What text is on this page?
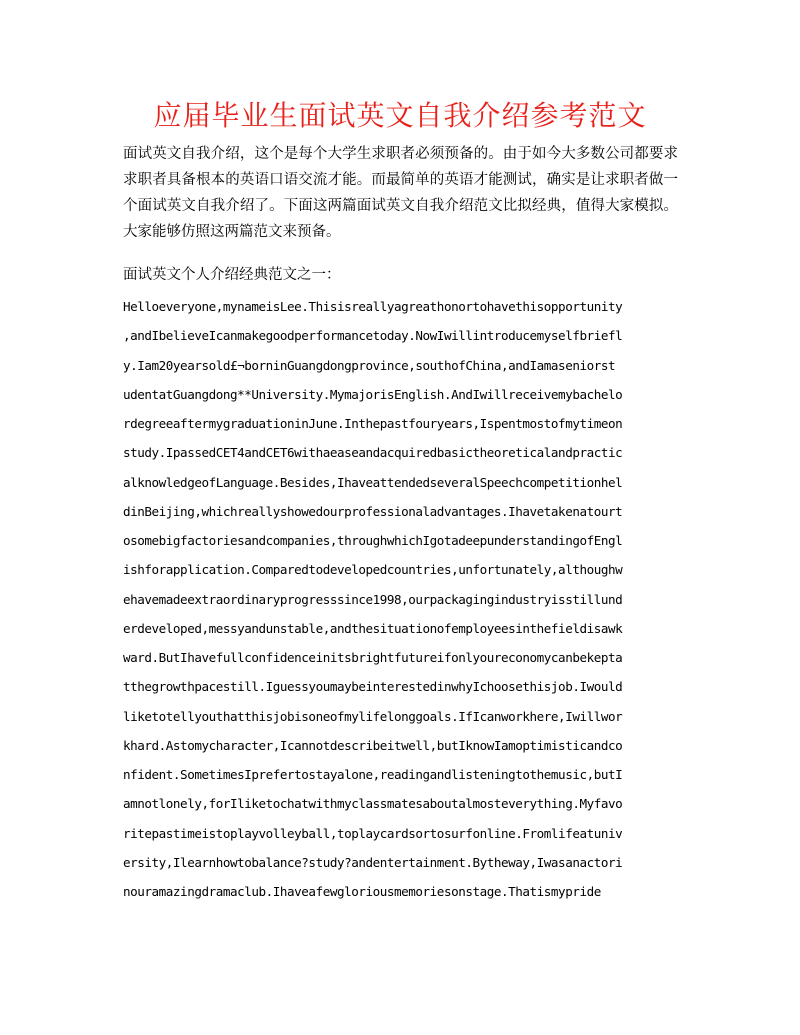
应届毕业生面试英文自我介绍参考范文

面试英文自我介绍，这个是每个大学生求职者必须预备的。由于如今大多数公司都要求求职者具备根本的英语口语交流才能。而最简单的英语才能测试，确实是让求职者做一个面试英文自我介绍了。下面这两篇面试英文自我介绍范文比拟经典，值得大家模拟。大家能够仿照这两篇范文来预备。

面试英文个人介绍经典范文之一：

Helloeveryone,mynameisLee.Thisisreallyagreathonortohavethisopportunity
,andIbelieveIcanmakegoodperformancetoday.NowIwillintroducemyselfbriefl
y.Iam20yearsold£¬borninGuangdongprovince,southofChina,andIamaseniorst
udentatGuangdong**University.MymajorisEnglish.AndIwillreceivemybachelo
rdegreeaftermygraduationinJune.Inthepastfouryears,Ispentmostofmytimeon
study.IpassedCET4andCET6withaeaseandacquiredbasictheoreticalandpractic
alknowledgeofLanguage.Besides,IhaveattendedseveralSpeechcompetitionhel
dinBeijing,whichreallyshowedourprofessionaladvantages.Ihavetakenatourt
osomebigfactoriesandcompanies,throughwhichIgotadeepunderstandingofEngl
ishforapplication.Comparedtodevelopedcountries,unfortunately,althoughw
ehavemadeextraordinaryprogresssince1998,ourpackagingindustryisstillund
erdeveloped,messyandunstable,andthesituationofemployeesinthefieldisawk
ward.ButIhavefullconfidenceinitsbrightfutureifonlyoureconomycanbekepta
tthegrowthpacestill.IguessyoumaybeinterestedinwhyIchoosethisjob.Iwould
liketotellyouthatthisjobisoneofmylifelonggoals.IfIcanworkhere,Iwillwor
khard.Astomycharacter,Icannotdescribeitwell,butIknowIamoptimisticandco
nfident.SometimesIprefertostayalone,readingandlisteningtothemusic,butI
amnotlonely,forIliketochatwithmyclassmatesaboutalmosteverything.Myfavo
ritepastimeistoplayvolleyball,toplaycardsortosurfonline.Fromlifeatuniv
ersity,Ilearnhowtobalance?study?andentertainment.Bytheway,Iwasanactori
nouramazingdramaclub.Ihaveafewgloriousmemoriesonstage.Thatismypride
